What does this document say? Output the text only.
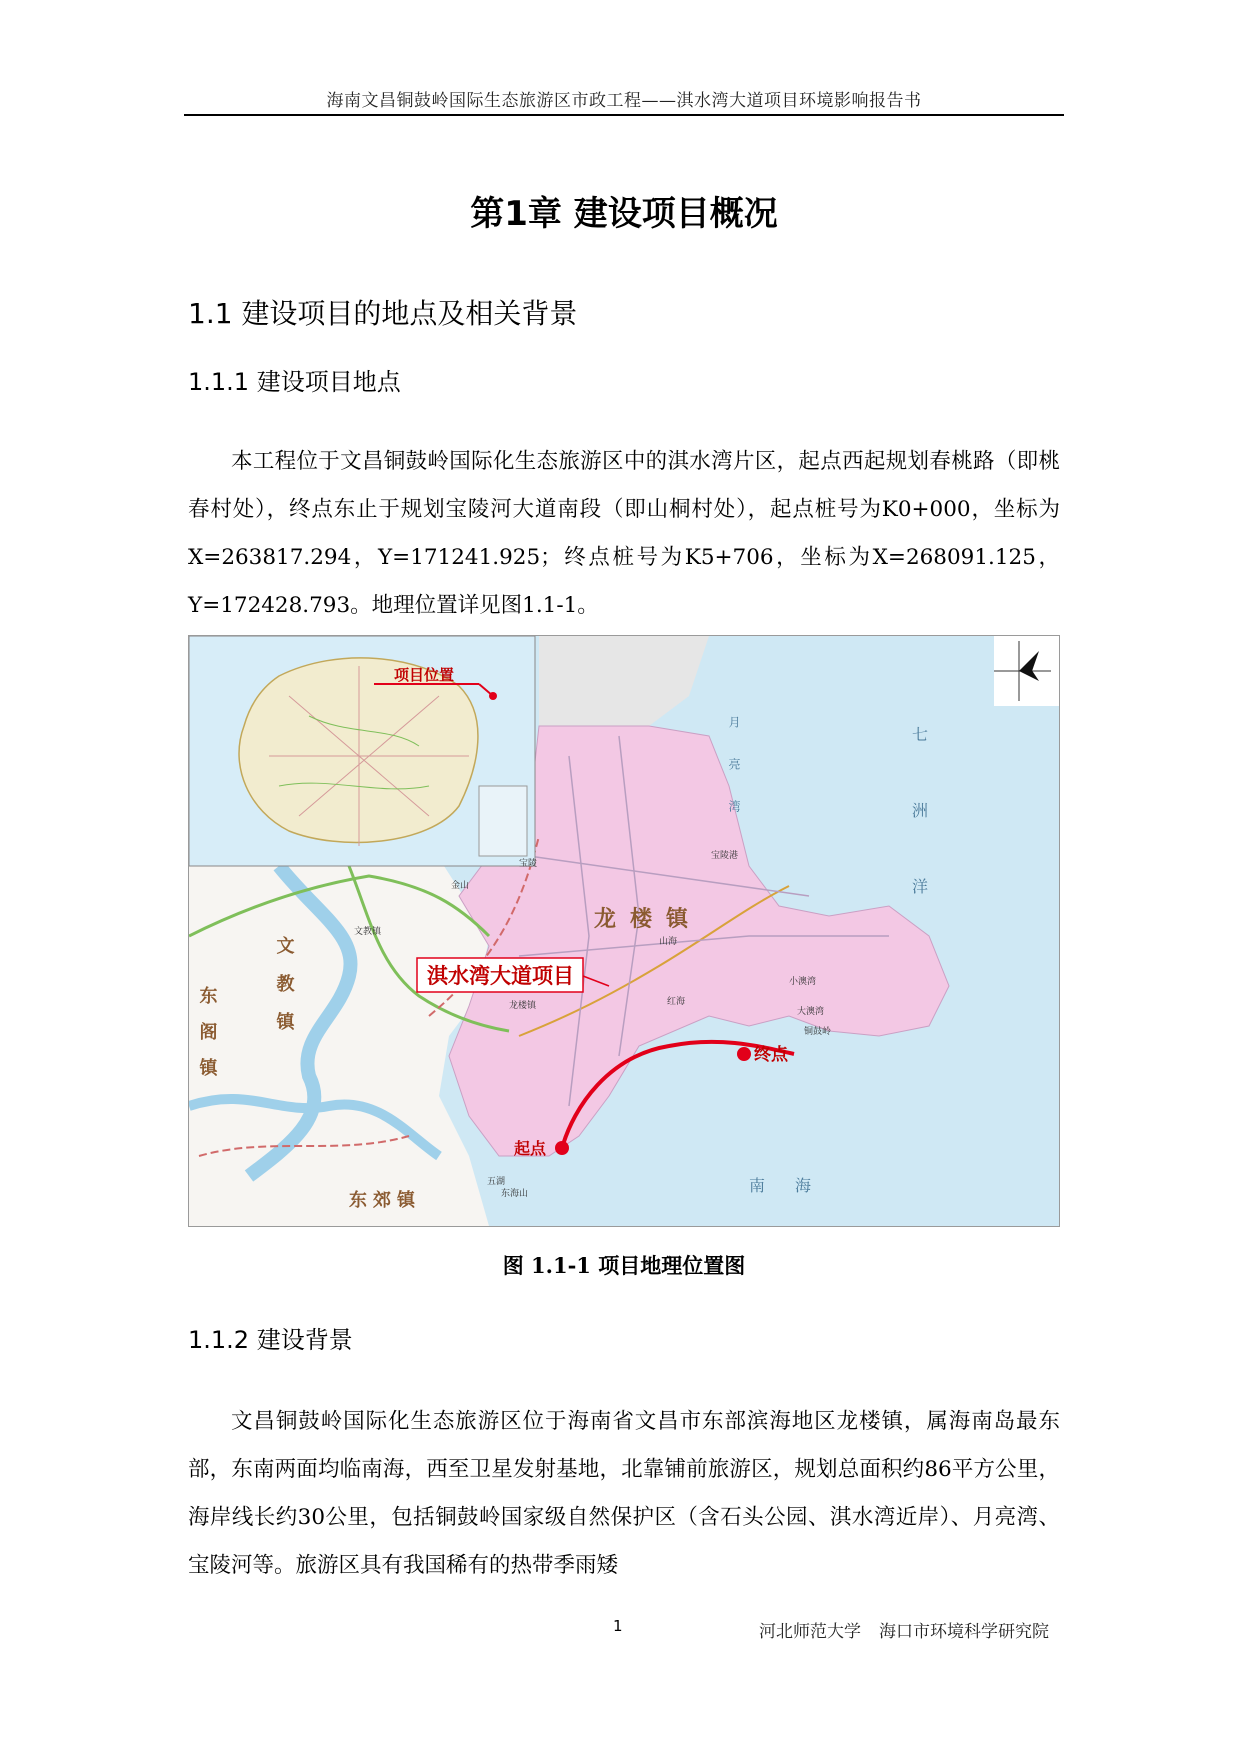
海南文昌铜鼓岭国际生态旅游区市政工程——淇水湾大道项目环境影响报告书
第1章 建设项目概况
1.1 建设项目的地点及相关背景
1.1.1 建设项目地点

本工程位于文昌铜鼓岭国际化生态旅游区中的淇水湾片区，起点西起规划春桃路（即桃春村处），终点东止于规划宝陵河大道南段（即山桐村处），起点桩号为K0+000，坐标为X=263817.294，Y=171241.925；终点桩号为K5+706，坐标为X=268091.125，Y=172428.793。地理位置详见图1.1-1。

项目位置
淇水湾大道项目
起点
终点
龙楼镇
文教镇
东阁镇
东郊镇
七洲洋
南海
月亮湾
文教镇
龙楼镇
金山
宝陵
山海
红海
小澳湾
大澳湾
宝陵港
铜鼓岭
五湖
东海山
图 1.1-1 项目地理位置图
1.1.2 建设背景

文昌铜鼓岭国际化生态旅游区位于海南省文昌市东部滨海地区龙楼镇，属海南岛最东部，东南两面均临南海，西至卫星发射基地，北靠铺前旅游区，规划总面积约86平方公里，海岸线长约30公里，包括铜鼓岭国家级自然保护区（含石头公园、淇水湾近岸）、月亮湾、宝陵河等。旅游区具有我国稀有的热带季雨矮

1	河北师范大学 海口市环境科学研究院
